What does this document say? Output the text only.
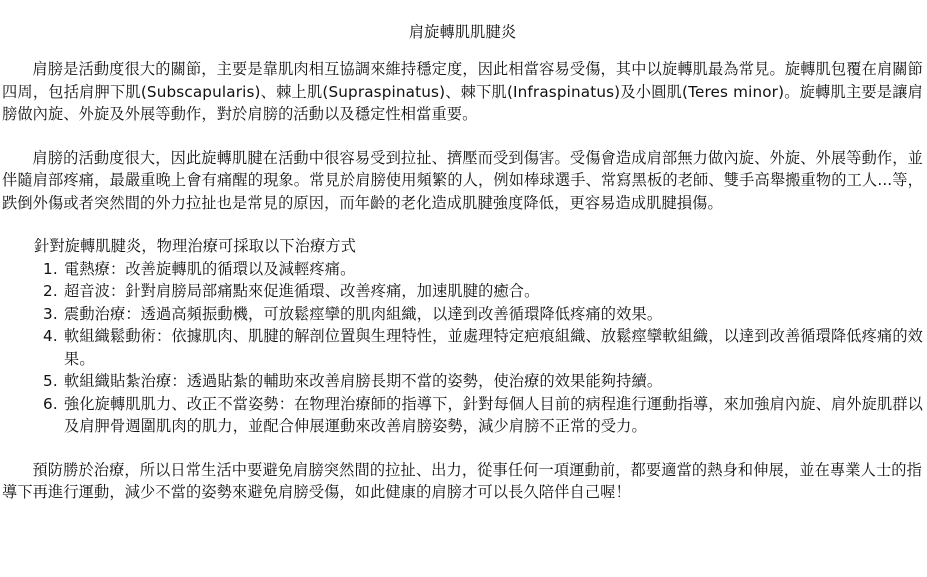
肩旋轉肌肌腱炎

肩膀是活動度很大的關節，主要是靠肌肉相互協調來維持穩定度，因此相當容易受傷，其中以旋轉肌最為常見。旋轉肌包覆在肩關節四周，包括肩胛下肌(Subscapularis)、棘上肌(Supraspinatus)、棘下肌(Infraspinatus)及小圓肌(Teres minor)。旋轉肌主要是讓肩膀做內旋、外旋及外展等動作，對於肩膀的活動以及穩定性相當重要。

肩膀的活動度很大，因此旋轉肌腱在活動中很容易受到拉扯、擠壓而受到傷害。受傷會造成肩部無力做內旋、外旋、外展等動作，並伴隨肩部疼痛，最嚴重晚上會有痛醒的現象。常見於肩膀使用頻繁的人，例如棒球選手、常寫黑板的老師、雙手高舉搬重物的工人...等，跌倒外傷或者突然間的外力拉扯也是常見的原因，而年齡的老化造成肌腱強度降低，更容易造成肌腱損傷。

針對旋轉肌腱炎，物理治療可採取以下治療方式

1. 電熱療：改善旋轉肌的循環以及減輕疼痛。
2. 超音波：針對肩膀局部痛點來促進循環、改善疼痛，加速肌腱的癒合。
3. 震動治療：透過高頻振動機，可放鬆痙攣的肌肉組織，以達到改善循環降低疼痛的效果。
4. 軟組織鬆動術：依據肌肉、肌腱的解剖位置與生理特性，並處理特定疤痕組織、放鬆痙攣軟組織，以達到改善循環降低疼痛的效果。
5. 軟組織貼紮治療：透過貼紮的輔助來改善肩膀長期不當的姿勢，使治療的效果能夠持續。
6. 強化旋轉肌肌力、改正不當姿勢：在物理治療師的指導下，針對每個人目前的病程進行運動指導，來加強肩內旋、肩外旋肌群以及肩胛骨週圍肌肉的肌力，並配合伸展運動來改善肩膀姿勢，減少肩膀不正常的受力。

預防勝於治療，所以日常生活中要避免肩膀突然間的拉扯、出力，從事任何一項運動前，都要適當的熱身和伸展，並在專業人士的指導下再進行運動，減少不當的姿勢來避免肩膀受傷，如此健康的肩膀才可以長久陪伴自己喔！
